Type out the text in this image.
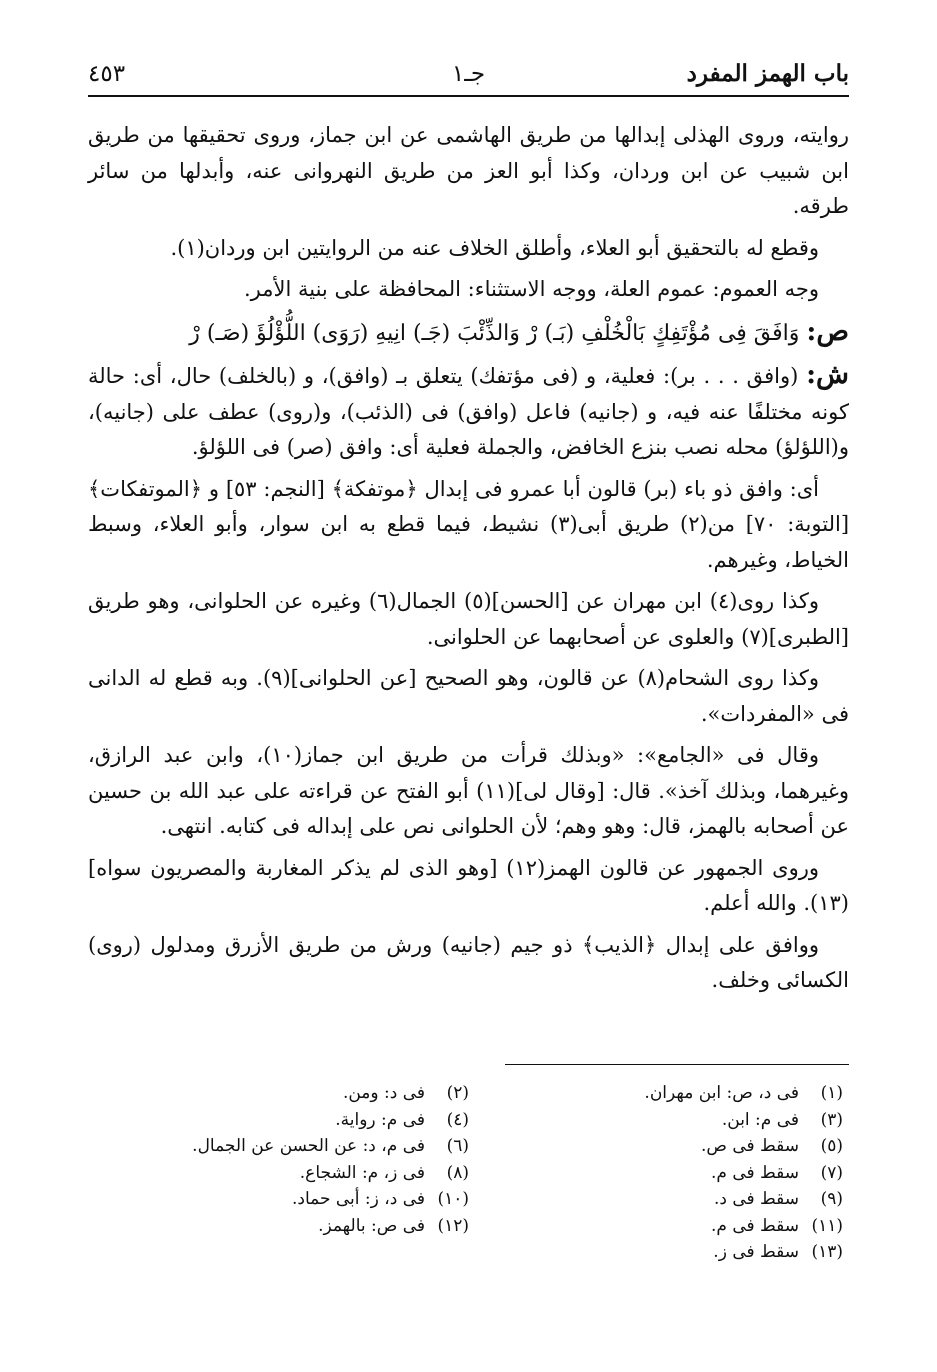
باب الهمز المفرد
جـ١
٤٥٣

روايته، وروى الهذلى إبدالها من طريق الهاشمى عن ابن جماز، وروى تحقيقها من طريق ابن شبيب عن ابن وردان، وكذا أبو العز من طريق النهروانى عنه، وأبدلها من سائر طرقه.

وقطع له بالتحقيق أبو العلاء، وأطلق الخلاف عنه من الروايتين ابن وردان(١).

وجه العموم: عموم العلة، ووجه الاستثناء: المحافظة على بنية الأمر.

ص: وَافَقَ فِى مُؤْتَفِكٍ بَالْخُلْفِ (بَـ) رْ وَالذِّئْبَ (جَـ) انِيهِ (رَوَى) اللُّؤْلُؤَ (صَـ) رْ

ش: (وافق . . . بر): فعلية، و (فى مؤتفك) يتعلق بـ (وافق)، و (بالخلف) حال، أى: حالة كونه مختلفًا عنه فيه، و (جانيه) فاعل (وافق) فى (الذئب)، و(روى) عطف على (جانيه)، و(اللؤلؤ) محله نصب بنزع الخافض، والجملة فعلية أى: وافق (صر) فى اللؤلؤ.

أى: وافق ذو باء (بر) قالون أبا عمرو فى إبدال ﴿موتفكة﴾ [النجم: ٥٣] و ﴿الموتفكات﴾ [التوبة: ٧٠] من(٢) طريق أبى(٣) نشيط، فيما قطع به ابن سوار، وأبو العلاء، وسبط الخياط، وغيرهم.

وكذا روى(٤) ابن مهران عن [الحسن](٥) الجمال(٦) وغيره عن الحلوانى، وهو طريق [الطبرى](٧) والعلوى عن أصحابهما عن الحلوانى.

وكذا روى الشحام(٨) عن قالون، وهو الصحيح [عن الحلوانى](٩). وبه قطع له الدانى فى «المفردات».

وقال فى «الجامع»: «وبذلك قرأت من طريق ابن جماز(١٠)، وابن عبد الرازق، وغيرهما، وبذلك آخذ». قال: [وقال لى](١١) أبو الفتح عن قراءته على عبد الله بن حسين عن أصحابه بالهمز، قال: وهو وهم؛ لأن الحلوانى نص على إبداله فى كتابه. انتهى.

وروى الجمهور عن قالون الهمز(١٢) [وهو الذى لم يذكر المغاربة والمصريون سواه](١٣). والله أعلم.

ووافق على إبدال ﴿الذيب﴾ ذو جيم (جانيه) ورش من طريق الأزرق ومدلول (روى) الكسائى وخلف.

(١)فى د، ص: ابن مهران.
(٣)فى م: ابن.
(٥)سقط فى ص.
(٧)سقط فى م.
(٩)سقط فى د.
(١١)سقط فى م.
(١٣)سقط فى ز.
(٢)فى د: ومن.
(٤)فى م: رواية.
(٦)فى م، د: عن الحسن عن الجمال.
(٨)فى ز، م: الشجاع.
(١٠)فى د، ز: أبى حماد.
(١٢)فى ص: بالهمز.
